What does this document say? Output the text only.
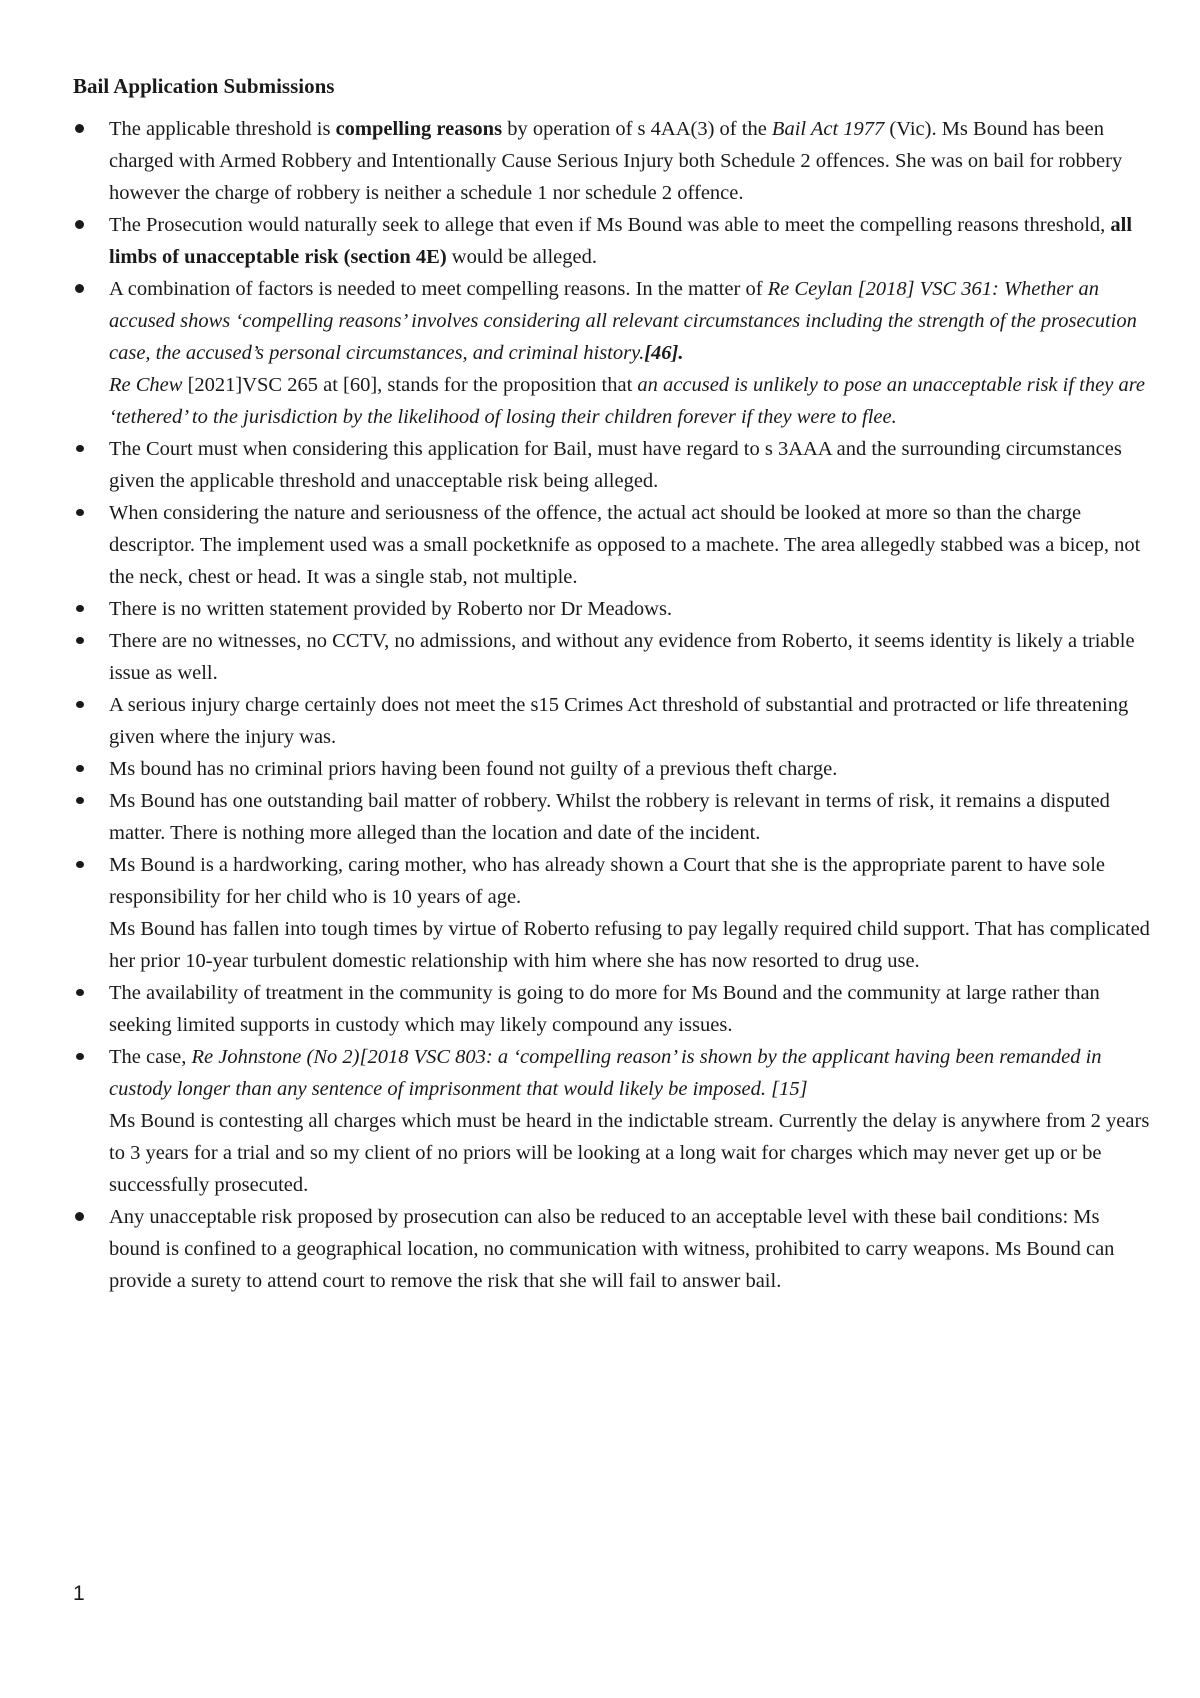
Bail Application Submissions
The applicable threshold is compelling reasons by operation of s 4AA(3) of the Bail Act 1977 (Vic). Ms Bound has been charged with Armed Robbery and Intentionally Cause Serious Injury both Schedule 2 offences. She was on bail for robbery however the charge of robbery is neither a schedule 1 nor schedule 2 offence.
The Prosecution would naturally seek to allege that even if Ms Bound was able to meet the compelling reasons threshold, all limbs of unacceptable risk (section 4E) would be alleged.
A combination of factors is needed to meet compelling reasons. In the matter of Re Ceylan [2018] VSC 361: Whether an accused shows ‘compelling reasons’ involves considering all relevant circumstances including the strength of the prosecution case, the accused’s personal circumstances, and criminal history.[46].
Re Chew [2021]VSC 265 at [60], stands for the proposition that an accused is unlikely to pose an unacceptable risk if they are ‘tethered’ to the jurisdiction by the likelihood of losing their children forever if they were to flee.
The Court must when considering this application for Bail, must have regard to s 3AAA and the surrounding circumstances given the applicable threshold and unacceptable risk being alleged.
When considering the nature and seriousness of the offence, the actual act should be looked at more so than the charge descriptor. The implement used was a small pocketknife as opposed to a machete. The area allegedly stabbed was a bicep, not the neck, chest or head. It was a single stab, not multiple.
There is no written statement provided by Roberto nor Dr Meadows.
There are no witnesses, no CCTV, no admissions, and without any evidence from Roberto, it seems identity is likely a triable issue as well.
A serious injury charge certainly does not meet the s15 Crimes Act threshold of substantial and protracted or life threatening given where the injury was.
Ms bound has no criminal priors having been found not guilty of a previous theft charge.
Ms Bound has one outstanding bail matter of robbery. Whilst the robbery is relevant in terms of risk, it remains a disputed matter. There is nothing more alleged than the location and date of the incident.
Ms Bound is a hardworking, caring mother, who has already shown a Court that she is the appropriate parent to have sole responsibility for her child who is 10 years of age.
Ms Bound has fallen into tough times by virtue of Roberto refusing to pay legally required child support. That has complicated her prior 10-year turbulent domestic relationship with him where she has now resorted to drug use.
The availability of treatment in the community is going to do more for Ms Bound and the community at large rather than seeking limited supports in custody which may likely compound any issues.
The case, Re Johnstone (No 2)[2018 VSC 803: a ‘compelling reason’ is shown by the applicant having been remanded in custody longer than any sentence of imprisonment that would likely be imposed. [15]
Ms Bound is contesting all charges which must be heard in the indictable stream. Currently the delay is anywhere from 2 years to 3 years for a trial and so my client of no priors will be looking at a long wait for charges which may never get up or be successfully prosecuted.
Any unacceptable risk proposed by prosecution can also be reduced to an acceptable level with these bail conditions: Ms bound is confined to a geographical location, no communication with witness, prohibited to carry weapons. Ms Bound can provide a surety to attend court to remove the risk that she will fail to answer bail.

1
